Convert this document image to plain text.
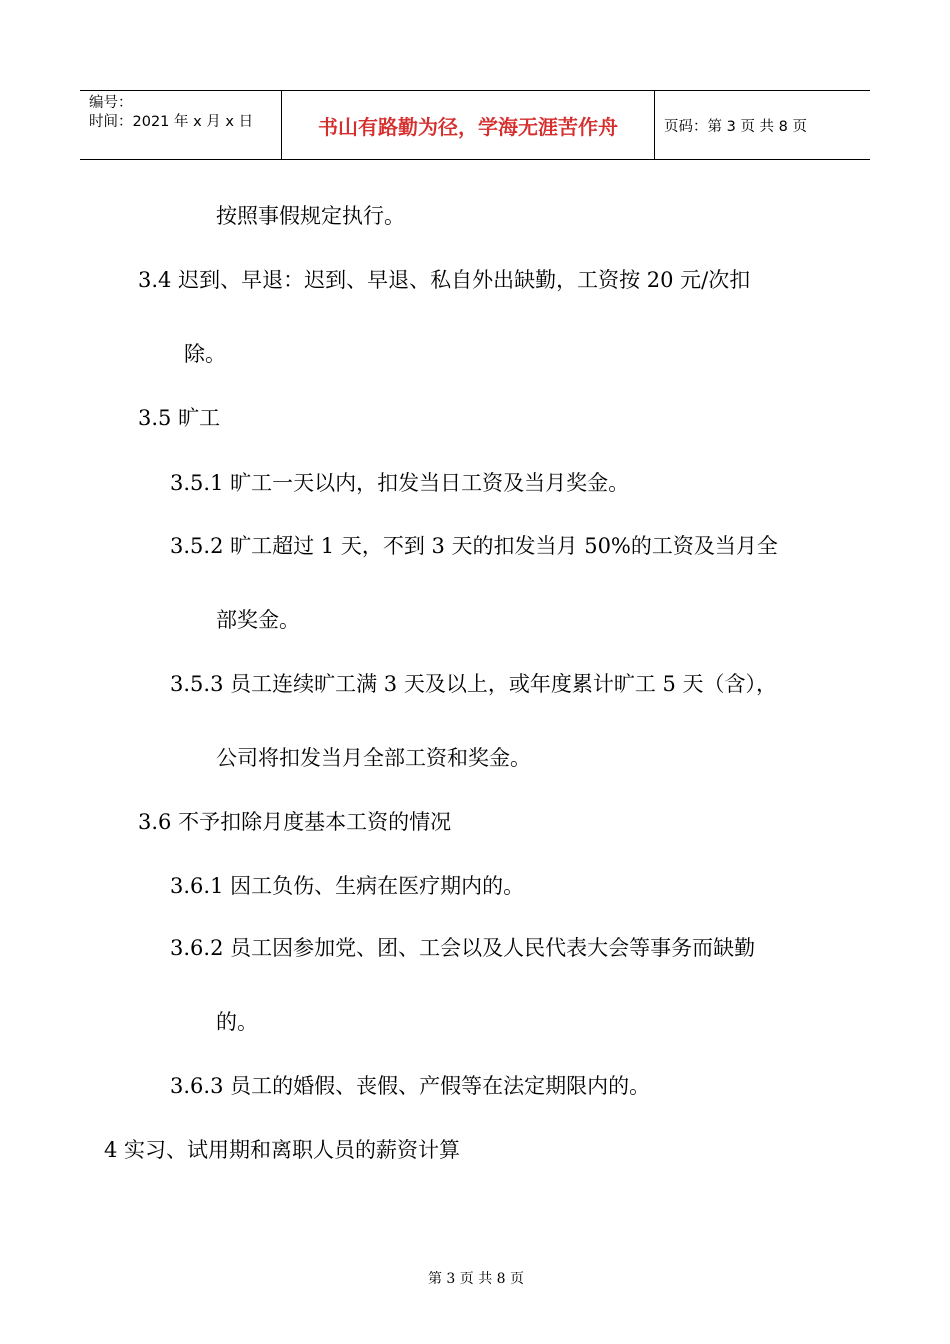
编号：
时间：2021 年 x 月 x 日	书山有路勤为径，学海无涯苦作舟	页码：第 3 页 共 8 页
按照事假规定执行。
3.4 迟到、早退：迟到、早退、私自外出缺勤，工资按 20 元/次扣
除。
3.5 旷工
3.5.1 旷工一天以内，扣发当日工资及当月奖金。
3.5.2 旷工超过 1 天，不到 3 天的扣发当月 50%的工资及当月全
部奖金。
3.5.3 员工连续旷工满 3 天及以上，或年度累计旷工 5 天（含），
公司将扣发当月全部工资和奖金。
3.6 不予扣除月度基本工资的情况
3.6.1 因工负伤、生病在医疗期内的。
3.6.2 员工因参加党、团、工会以及人民代表大会等事务而缺勤
的。
3.6.3 员工的婚假、丧假、产假等在法定期限内的。
4 实习、试用期和离职人员的薪资计算
第 3 页 共 8 页
